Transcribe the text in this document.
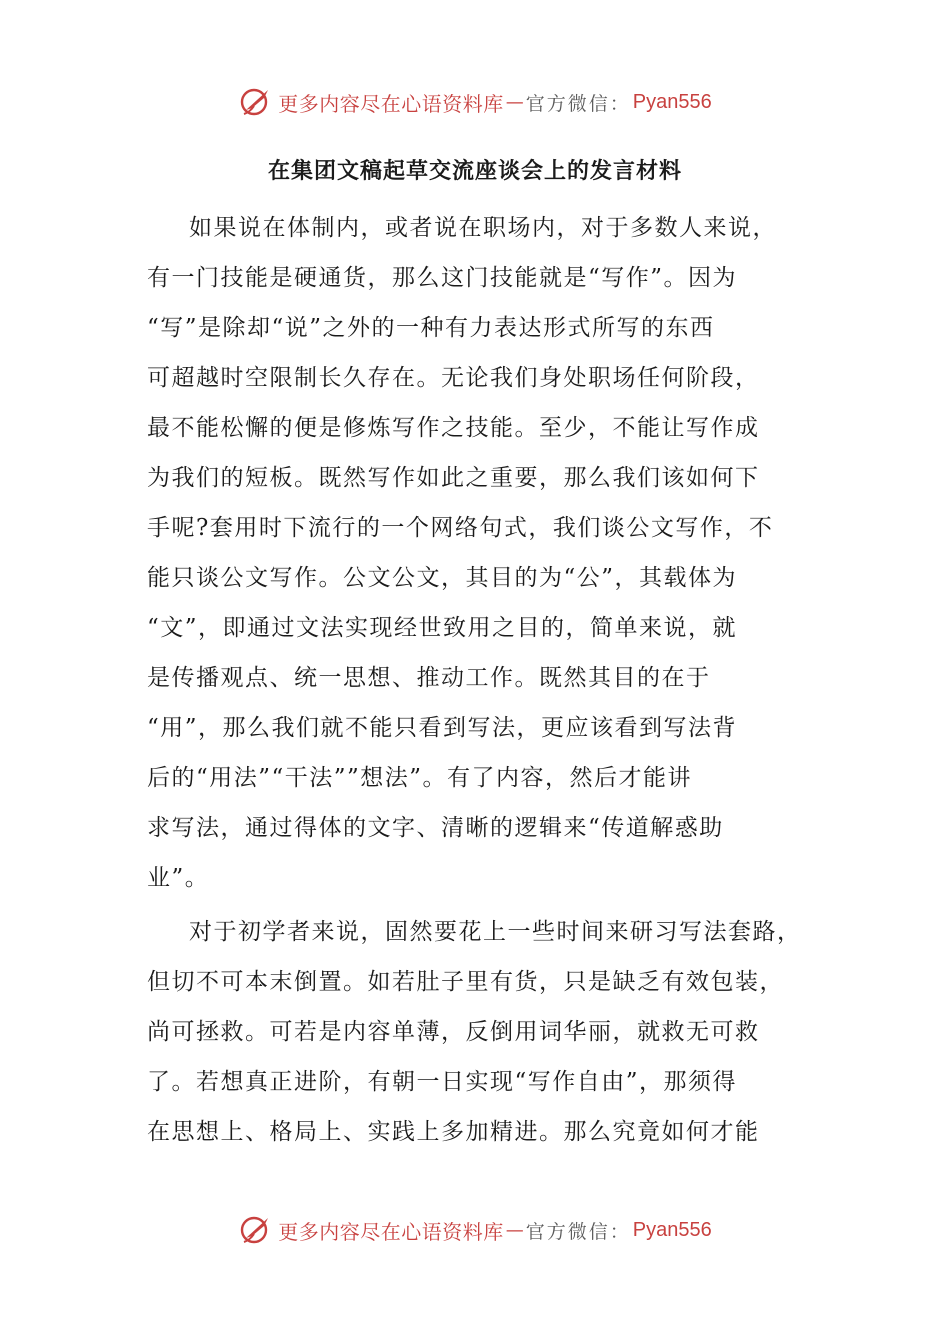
更多内容尽在心语资料库 — 官方微信： Pyan556
在集团文稿起草交流座谈会上的发言材料
如果说在体制内，或者说在职场内，对于多数人来说，
有一门技能是硬通货，那么这门技能就是“写作”。因为
“写”是除却“说”之外的一种有力表达形式所写的东西
可超越时空限制长久存在。无论我们身处职场任何阶段，
最不能松懈的便是修炼写作之技能。至少，不能让写作成
为我们的短板。既然写作如此之重要，那么我们该如何下
手呢?套用时下流行的一个网络句式，我们谈公文写作，不
能只谈公文写作。公文公文，其目的为“公”，其载体为
“文”，即通过文法实现经世致用之目的，简单来说，就
是传播观点、统一思想、推动工作。既然其目的在于
“用”，那么我们就不能只看到写法，更应该看到写法背
后的“用法”“干法””想法”。有了内容，然后才能讲
求写法，通过得体的文字、清晰的逻辑来“传道解惑助
业”。
对于初学者来说，固然要花上一些时间来研习写法套路，
但切不可本末倒置。如若肚子里有货，只是缺乏有效包装，
尚可拯救。可若是内容单薄，反倒用词华丽，就救无可救
了。若想真正进阶，有朝一日实现“写作自由”，那须得
在思想上、格局上、实践上多加精进。那么究竟如何才能
更多内容尽在心语资料库 — 官方微信： Pyan556
